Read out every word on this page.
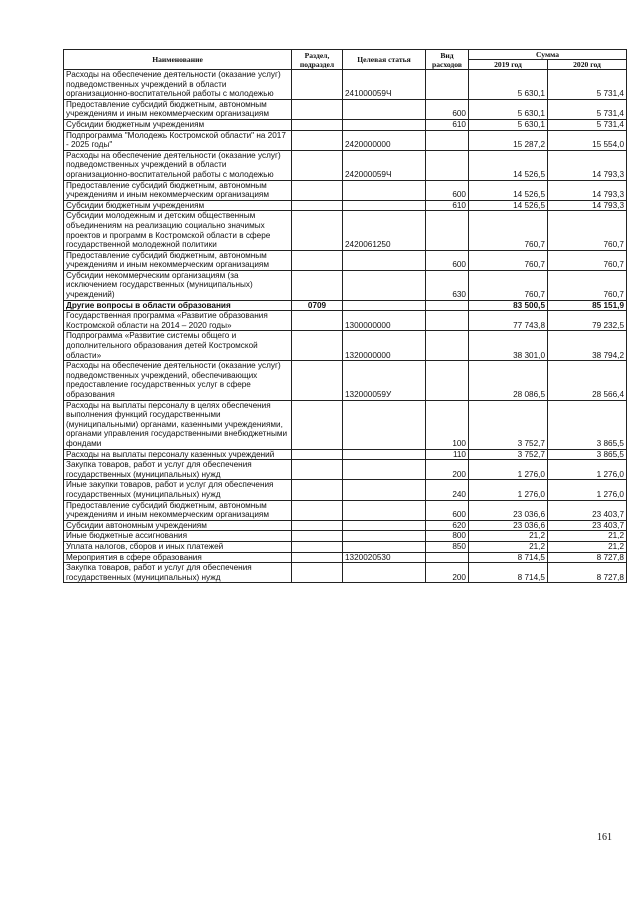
Наименование	Раздел, подраздел	Целевая статья	Вид расходов	Сумма	
				2019 год	2020 год
Расходы на обеспечение деятельности (оказание услуг) подведомственных учреждений в области организационно-воспитательной работы с молодежью		241000059Ч		5 630,1	5 731,4
Предоставление субсидий бюджетным, автономным учреждениям и иным некоммерческим организациям			600	5 630,1	5 731,4
Субсидии бюджетным учреждениям			610	5 630,1	5 731,4
Подпрограмма "Молодежь Костромской области" на 2017 - 2025 годы"		2420000000		15 287,2	15 554,0
Расходы на обеспечение деятельности (оказание услуг) подведомственных учреждений в области организационно-воспитательной работы с молодежью		242000059Ч		14 526,5	14 793,3
Предоставление субсидий бюджетным, автономным учреждениям и иным некоммерческим организациям			600	14 526,5	14 793,3
Субсидии бюджетным учреждениям			610	14 526,5	14 793,3
Субсидии молодежным и детским общественным объединениям на реализацию социально значимых проектов и программ в Костромской области в сфере государственной молодежной политики		2420061250		760,7	760,7
Предоставление субсидий бюджетным, автономным учреждениям и иным некоммерческим организациям			600	760,7	760,7
Субсидии некоммерческим организациям (за исключением государственных (муниципальных) учреждений)			630	760,7	760,7
Другие вопросы в области образования	0709			83 500,5	85 151,9
Государственная программа «Развитие образования Костромской области на 2014 – 2020 годы»		1300000000		77 743,8	79 232,5
Подпрограмма «Развитие системы общего и дополнительного образования детей Костромской области»		1320000000		38 301,0	38 794,2
Расходы на обеспечение деятельности (оказание услуг) подведомственных учреждений, обеспечивающих предоставление государственных услуг в сфере образования		132000059У		28 086,5	28 566,4
Расходы на выплаты персоналу в целях обеспечения выполнения функций государственными (муниципальными) органами, казенными учреждениями, органами управления государственными внебюджетными фондами			100	3 752,7	3 865,5
Расходы на выплаты персоналу казенных учреждений			110	3 752,7	3 865,5
Закупка товаров, работ и услуг для обеспечения государственных (муниципальных) нужд			200	1 276,0	1 276,0
Иные закупки товаров, работ и услуг для обеспечения государственных (муниципальных) нужд			240	1 276,0	1 276,0
Предоставление субсидий бюджетным, автономным учреждениям и иным некоммерческим организациям			600	23 036,6	23 403,7
Субсидии автономным учреждениям			620	23 036,6	23 403,7
Иные бюджетные ассигнования			800	21,2	21,2
Уплата налогов, сборов и иных платежей			850	21,2	21,2
Мероприятия в сфере образования		1320020530		8 714,5	8 727,8
Закупка товаров, работ и услуг для обеспечения государственных (муниципальных) нужд			200	8 714,5	8 727,8
161
